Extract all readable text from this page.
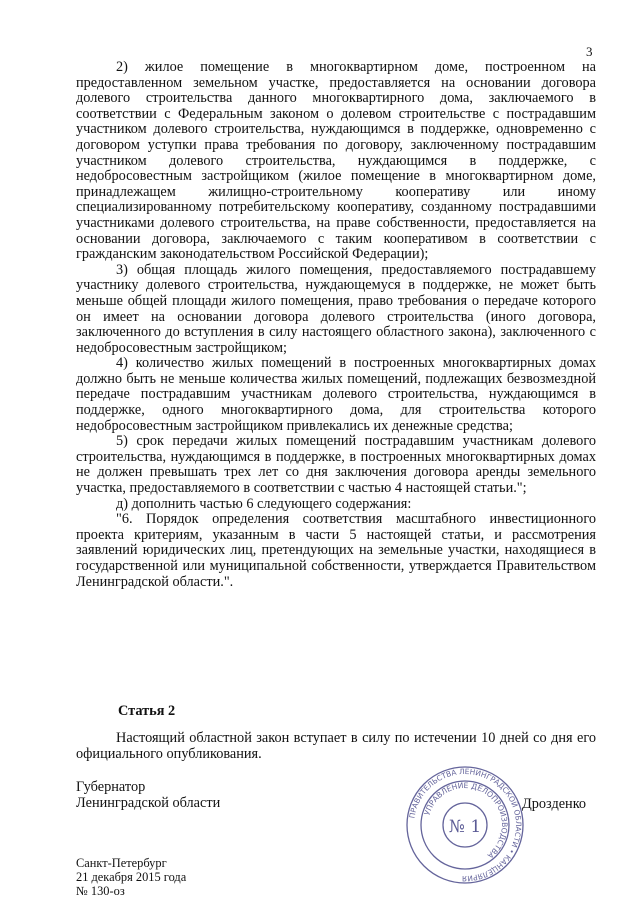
3

2) жилое помещение в многоквартирном доме, построенном на предоставленном земельном участке, предоставляется на основании договора долевого строительства данного многоквартирного дома, заключаемого в соответствии с Федеральным законом о долевом строительстве с пострадавшим участником долевого строительства, нуждающимся в поддержке, одновременно с договором уступки права требования по договору, заключенному пострадавшим участником долевого строительства, нуждающимся в поддержке, с недобросовестным застройщиком (жилое помещение в многоквартирном доме, принадлежащем жилищно-строительному кооперативу или иному специализированному потребительскому кооперативу, созданному пострадавшими участниками долевого строительства, на праве собственности, предоставляется на основании договора, заключаемого с таким кооперативом в соответствии с гражданским законодательством Российской Федерации);

3) общая площадь жилого помещения, предоставляемого пострадавшему участнику долевого строительства, нуждающемуся в поддержке, не может быть меньше общей площади жилого помещения, право требования о передаче которого он имеет на основании договора долевого строительства (иного договора, заключенного до вступления в силу настоящего областного закона), заключенного с недобросовестным застройщиком;

4) количество жилых помещений в построенных многоквартирных домах должно быть не меньше количества жилых помещений, подлежащих безвозмездной передаче пострадавшим участникам долевого строительства, нуждающимся в поддержке, одного многоквартирного дома, для строительства которого недобросовестным застройщиком привлекались их денежные средства;

5) срок передачи жилых помещений пострадавшим участникам долевого строительства, нуждающимся в поддержке, в построенных многоквартирных домах не должен превышать трех лет со дня заключения договора аренды земельного участка, предоставляемого в соответствии с частью 4 настоящей статьи.";

д) дополнить частью 6 следующего содержания:

"6. Порядок определения соответствия масштабного инвестиционного проекта критериям, указанным в части 5 настоящей статьи, и рассмотрения заявлений юридических лиц, претендующих на земельные участки, находящиеся в государственной или муниципальной собственности, утверждается Правительством Ленинградской области.".

Статья 2

Настоящий областной закон вступает в силу по истечении 10 дней со дня его официального опубликования.

Губернатор
Ленинградской области
ПРАВИТЕЛЬСТВА ЛЕНИНГРАДСКОЙ ОБЛАСТИ • КАНЦЕЛЯРИЯ
УПРАВЛЕНИЕ ДЕЛОПРОИЗВОДСТВА
№ 1
Дрозденко
Санкт-Петербург
21 декабря 2015 года
№ 130-оз
